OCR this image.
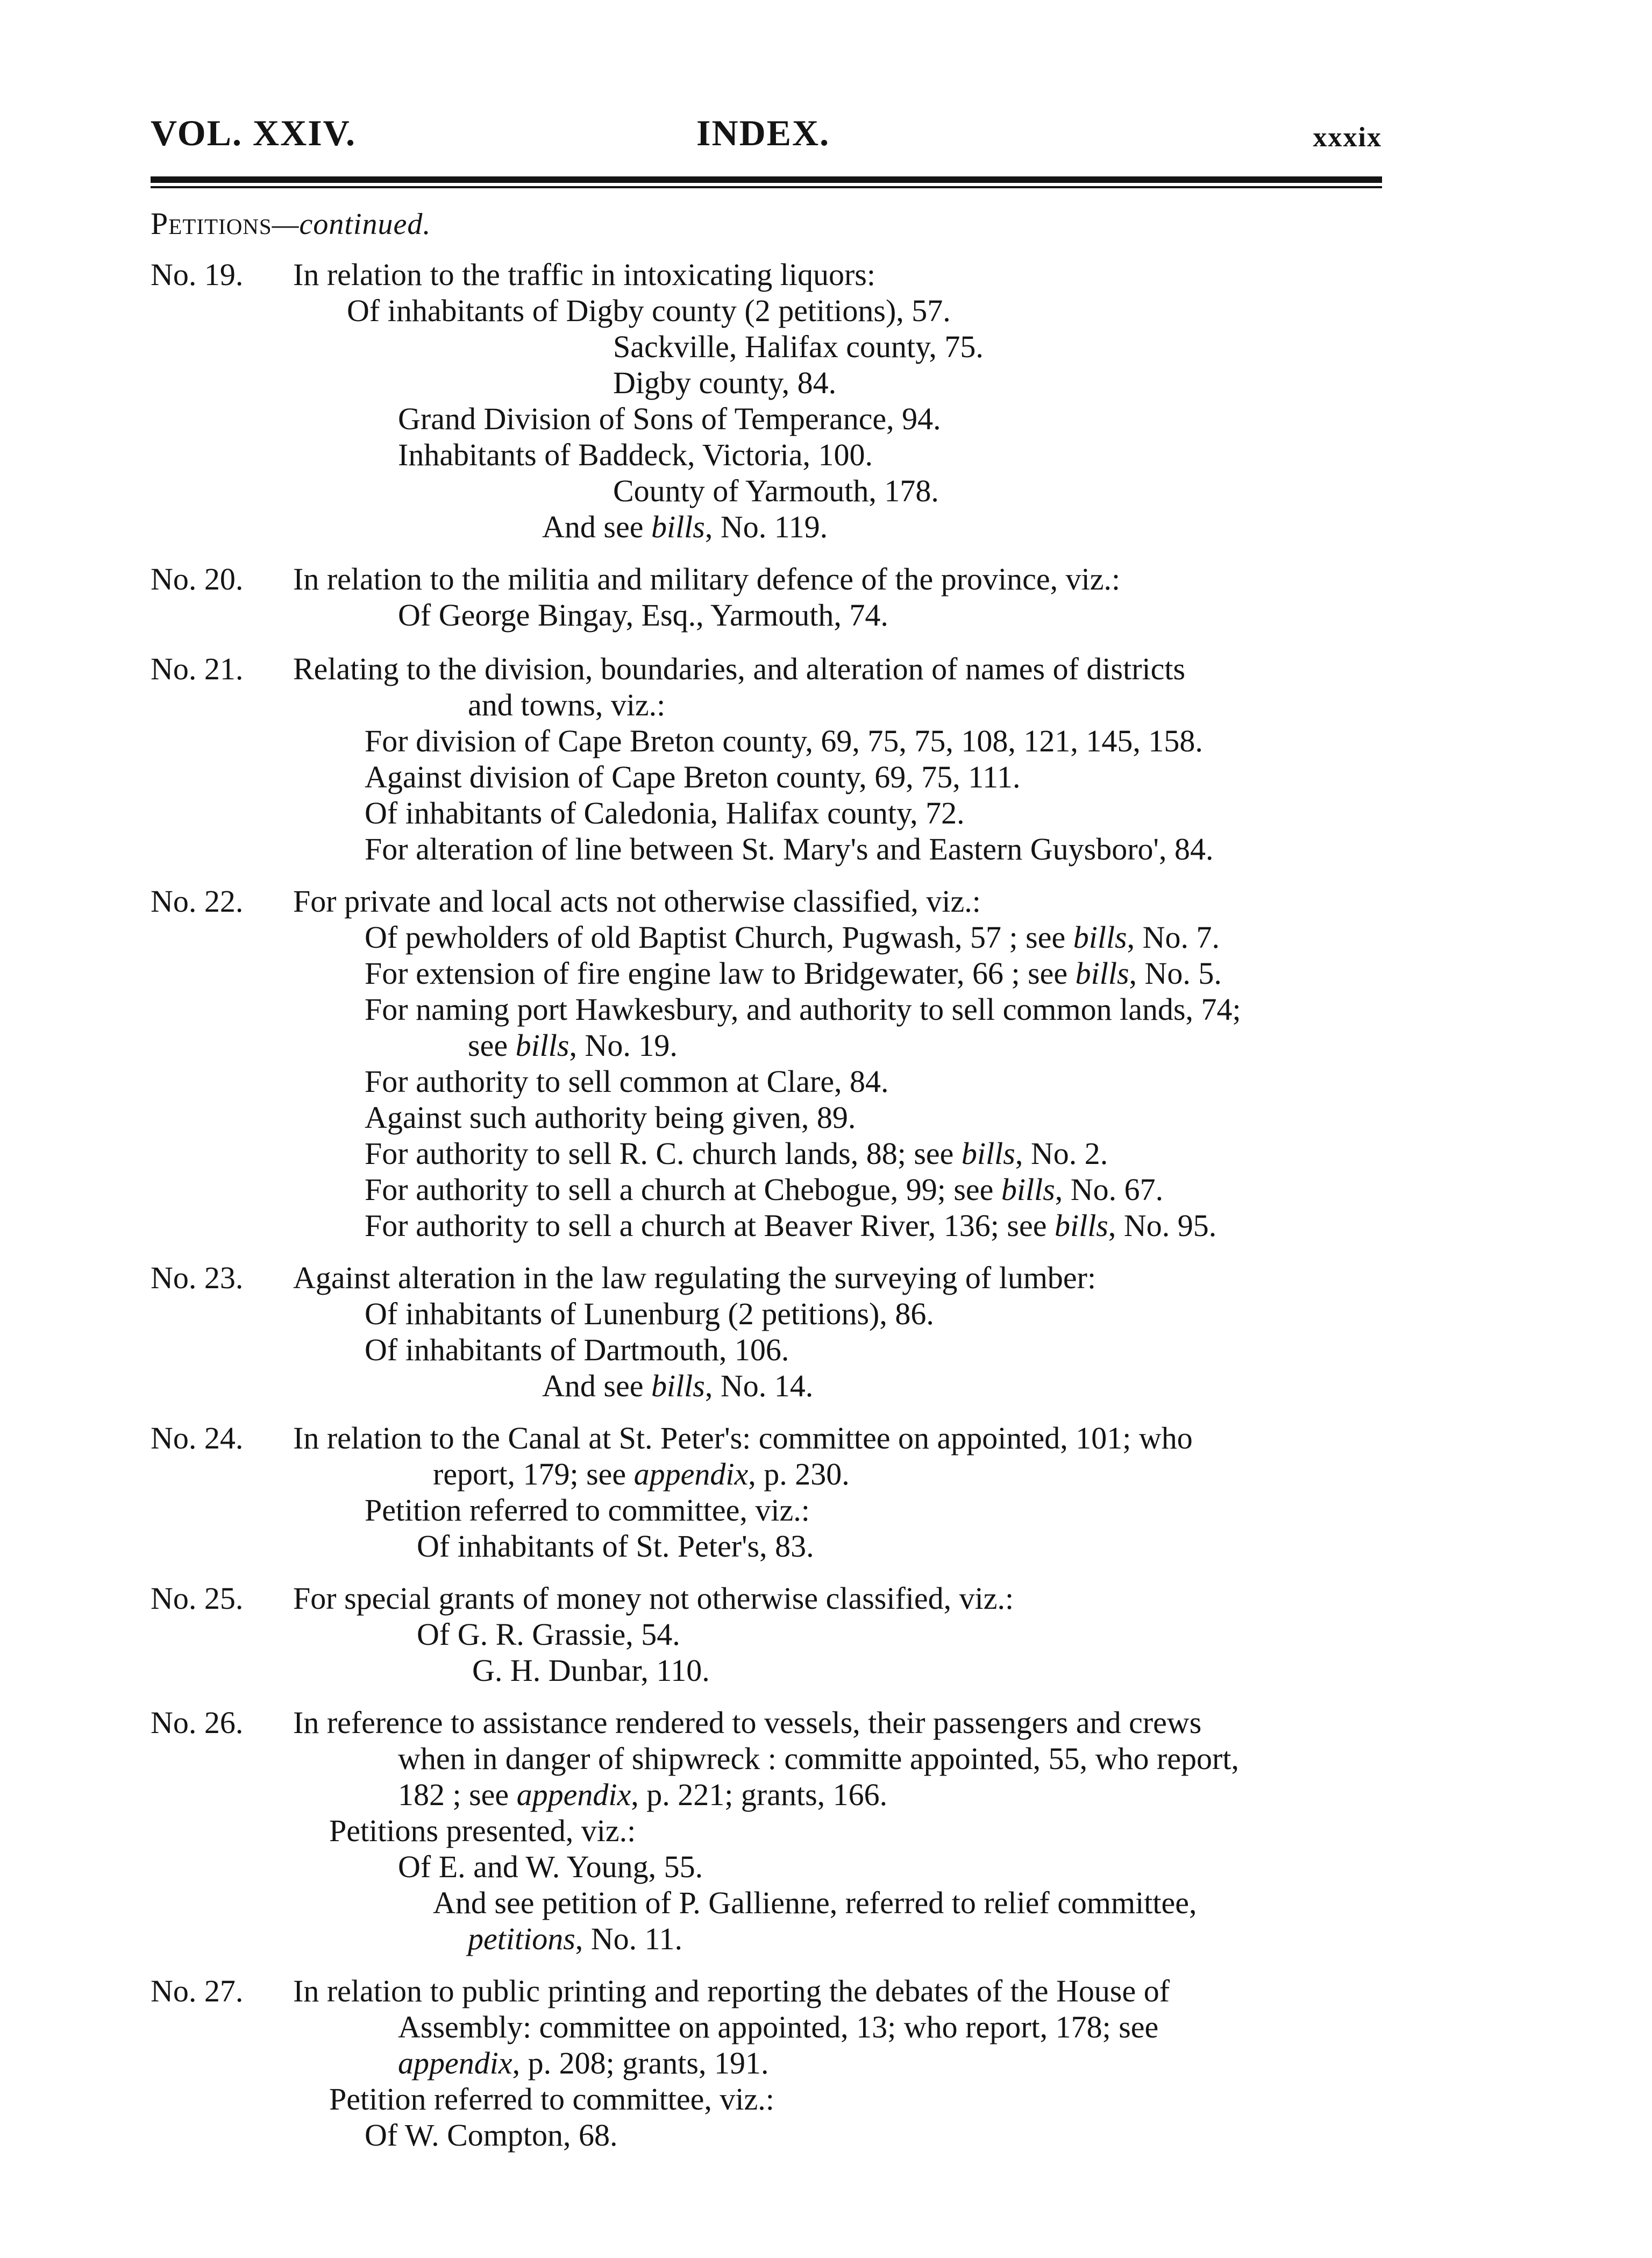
VOL. XXIV.	INDEX.	xxxix
Petitions—continued.
No. 19. In relation to the traffic in intoxicating liquors:
Of inhabitants of Digby county (2 petitions), 57.
Sackville, Halifax county, 75.
Digby county, 84.
Grand Division of Sons of Temperance, 94.
Inhabitants of Baddeck, Victoria, 100.
County of Yarmouth, 178.
And see bills, No. 119.
No. 20. In relation to the militia and military defence of the province, viz.:
Of George Bingay, Esq., Yarmouth, 74.
No. 21. Relating to the division, boundaries, and alteration of names of districts
and towns, viz.:
For division of Cape Breton county, 69, 75, 75, 108, 121, 145, 158.
Against division of Cape Breton county, 69, 75, 111.
Of inhabitants of Caledonia, Halifax county, 72.
For alteration of line between St. Mary's and Eastern Guysboro', 84.
No. 22. For private and local acts not otherwise classified, viz.:
Of pewholders of old Baptist Church, Pugwash, 57 ; see bills, No. 7.
For extension of fire engine law to Bridgewater, 66 ; see bills, No. 5.
For naming port Hawkesbury, and authority to sell common lands, 74;
see bills, No. 19.
For authority to sell common at Clare, 84.
Against such authority being given, 89.
For authority to sell R. C. church lands, 88; see bills, No. 2.
For authority to sell a church at Chebogue, 99; see bills, No. 67.
For authority to sell a church at Beaver River, 136; see bills, No. 95.
No. 23. Against alteration in the law regulating the surveying of lumber:
Of inhabitants of Lunenburg (2 petitions), 86.
Of inhabitants of Dartmouth, 106.
And see bills, No. 14.
No. 24. In relation to the Canal at St. Peter's: committee on appointed, 101; who
report, 179; see appendix, p. 230.
Petition referred to committee, viz.:
Of inhabitants of St. Peter's, 83.
No. 25. For special grants of money not otherwise classified, viz.:
Of G. R. Grassie, 54.
G. H. Dunbar, 110.
No. 26. In reference to assistance rendered to vessels, their passengers and crews
when in danger of shipwreck : committe appointed, 55, who report,
182 ; see appendix, p. 221; grants, 166.
Petitions presented, viz.:
Of E. and W. Young, 55.
And see petition of P. Gallienne, referred to relief committee,
petitions, No. 11.
No. 27. In relation to public printing and reporting the debates of the House of
Assembly: committee on appointed, 13; who report, 178; see
appendix, p. 208; grants, 191.
Petition referred to committee, viz.:
Of W. Compton, 68.
